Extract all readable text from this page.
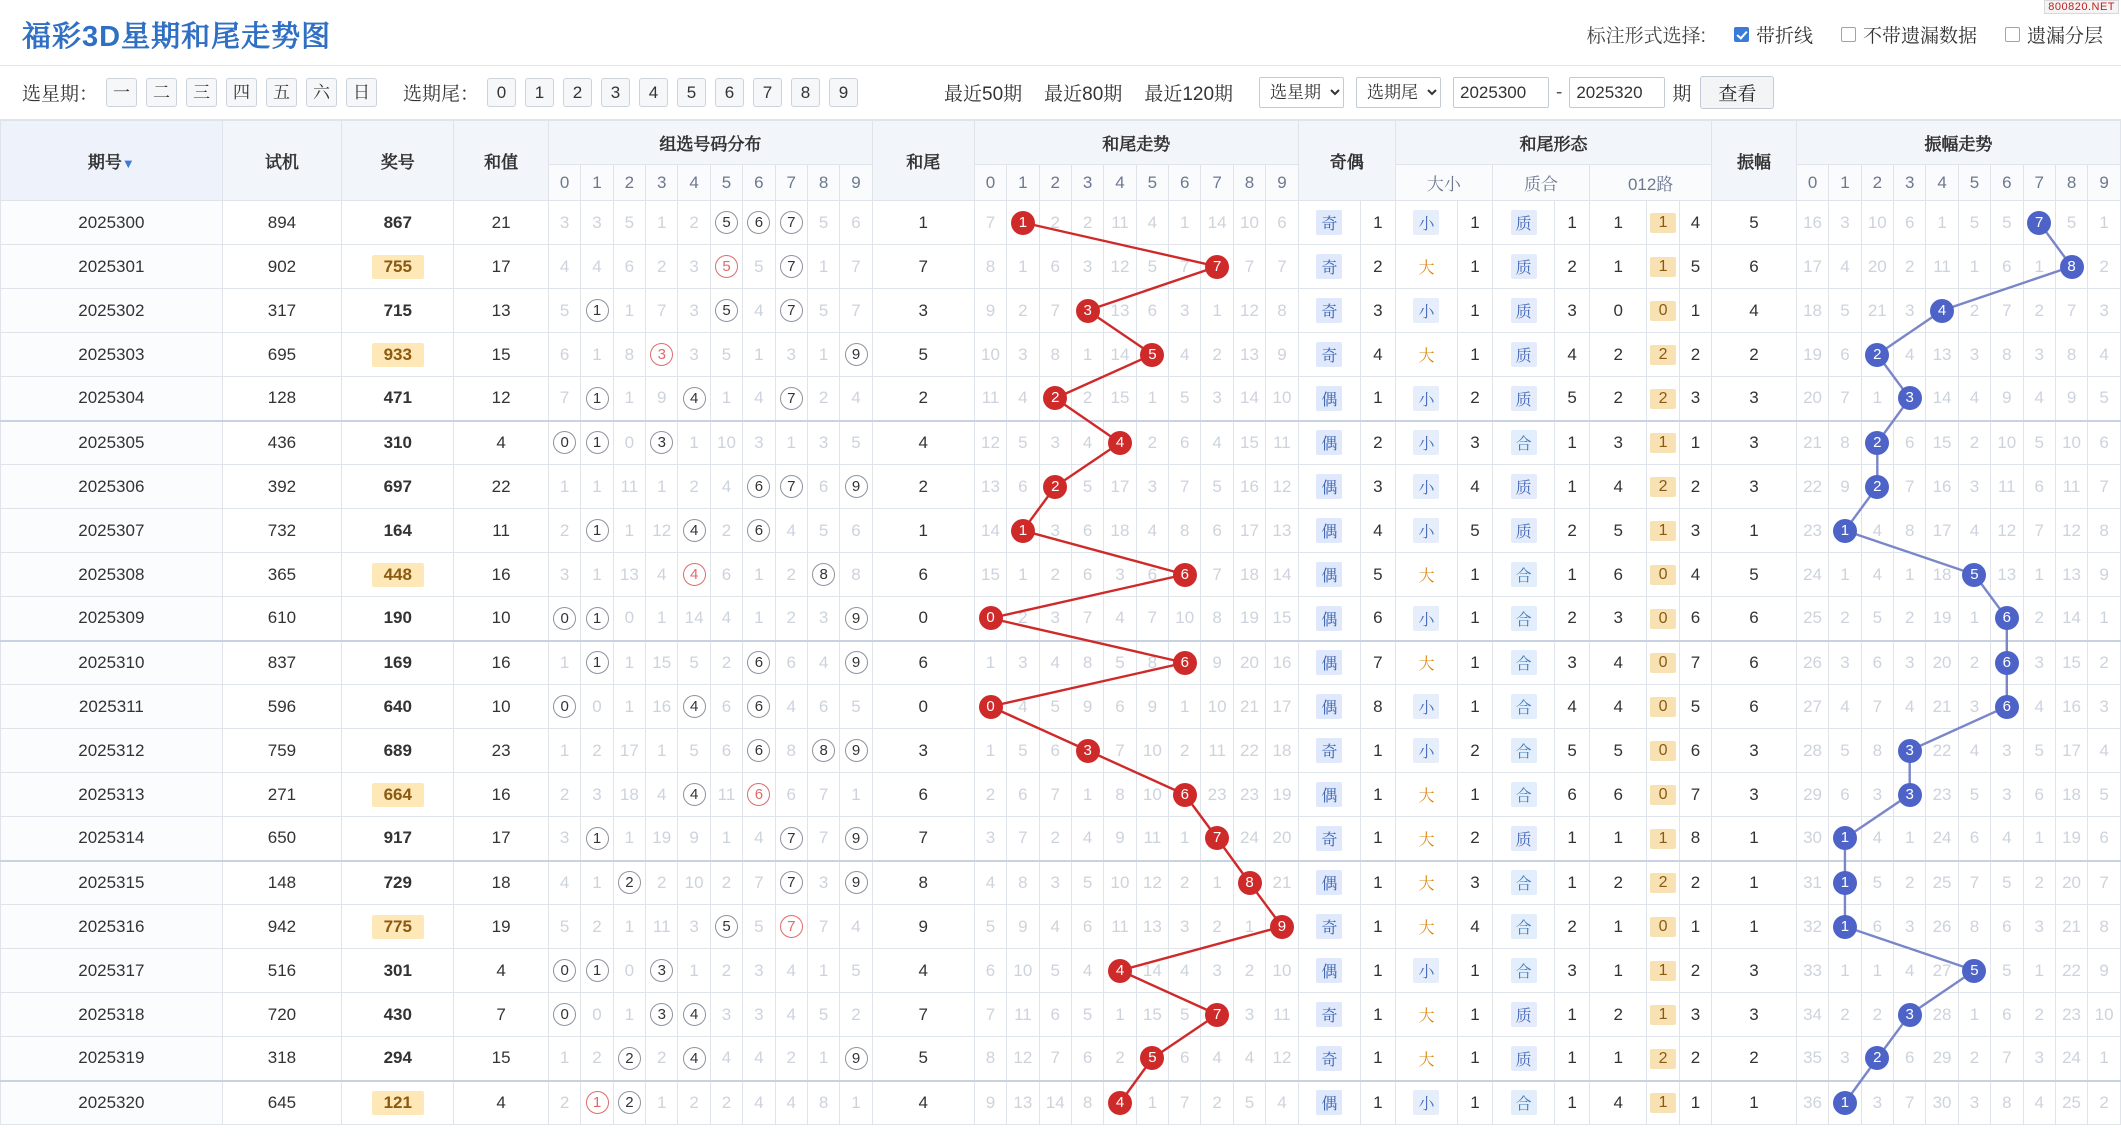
800820.NET
福彩3D星期和尾走势图	标注形式选择:	带折线	不带遗漏数据	遗漏分层
选星期： 一	二	三	四	五	六	日	选期尾：	0	1	2	3	4	5	6	7	8	9	最近50期 最近80期 最近120期
选星期
选期尾
2025300	-
2025320	期	查看
期号▼	试机	奖号	和值	组选号码分布										和尾	和尾走势										奇偶		和尾形态							振幅	振幅走势									
				0	1	2	3	4	5	6	7	8	9		0	1	2	3	4	5	6	7	8	9			大小		质合		012路				0	1	2	3	4	5	6	7	8	9
2025300	894	867	21	3	3	5	1	2	5	6	7	5	6	1	7	1	2	2	11	4	1	14	10	6	奇	1	小	1	质	1	1	1	4	5	16	3	10	6	1	5	5	7	5	1
2025301	902	755	17	4	4	6	2	3	5	5	7	1	7	7	8	1	6	3	12	5	7	7	7	7	奇	2	大	1	质	2	1	1	5	6	17	4	20	2	11	1	6	1	8	2
2025302	317	715	13	5	1	1	7	3	5	4	7	5	7	3	9	2	7	3	13	6	3	1	12	8	奇	3	小	1	质	3	0	0	1	4	18	5	21	3	4	2	7	2	7	3
2025303	695	933	15	6	1	8	3	3	5	1	3	1	9	5	10	3	8	1	14	5	4	2	13	9	奇	4	大	1	质	4	2	2	2	2	19	6	2	4	13	3	8	3	8	4
2025304	128	471	12	7	1	1	9	4	1	4	7	2	4	2	11	4	2	2	15	1	5	3	14	10	偶	1	小	2	质	5	2	2	3	3	20	7	1	3	14	4	9	4	9	5
2025305	436	310	4	0	1	0	3	1	10	3	1	3	5	4	12	5	3	4	4	2	6	4	15	11	偶	2	小	3	合	1	3	1	1	3	21	8	2	6	15	2	10	5	10	6
2025306	392	697	22	1	1	11	1	2	4	6	7	6	9	2	13	6	2	5	17	3	7	5	16	12	偶	3	小	4	质	1	4	2	2	3	22	9	2	7	16	3	11	6	11	7
2025307	732	164	11	2	1	1	12	4	2	6	4	5	6	1	14	1	3	6	18	4	8	6	17	13	偶	4	小	5	质	2	5	1	3	1	23	1	4	8	17	4	12	7	12	8
2025308	365	448	16	3	1	13	4	4	6	1	2	8	8	6	15	1	2	6	3	6	6	7	18	14	偶	5	大	1	合	1	6	0	4	5	24	1	4	1	18	5	13	1	13	9
2025309	610	190	10	0	1	0	1	14	4	1	2	3	9	0	0	2	3	7	4	7	10	8	19	15	偶	6	小	1	合	2	3	0	6	6	25	2	5	2	19	1	6	2	14	1
2025310	837	169	16	1	1	1	15	5	2	6	6	4	9	6	1	3	4	8	5	8	6	9	20	16	偶	7	大	1	合	3	4	0	7	6	26	3	6	3	20	2	6	3	15	2
2025311	596	640	10	0	0	1	16	4	6	6	4	6	5	0	0	4	5	9	6	9	1	10	21	17	偶	8	小	1	合	4	4	0	5	6	27	4	7	4	21	3	6	4	16	3
2025312	759	689	23	1	2	17	1	5	6	6	8	8	9	3	1	5	6	3	7	10	2	11	22	18	奇	1	小	2	合	5	5	0	6	3	28	5	8	3	22	4	3	5	17	4
2025313	271	664	16	2	3	18	4	4	11	6	6	7	1	6	2	6	7	1	8	10	6	23	23	19	偶	1	大	1	合	6	6	0	7	3	29	6	3	3	23	5	3	6	18	5
2025314	650	917	17	3	1	1	19	9	1	4	7	7	9	7	3	7	2	4	9	11	1	7	24	20	奇	1	大	2	质	1	1	1	8	1	30	1	4	1	24	6	4	1	19	6
2025315	148	729	18	4	1	2	2	10	2	7	7	3	9	8	4	8	3	5	10	12	2	1	8	21	偶	1	大	3	合	1	2	2	2	1	31	1	5	2	25	7	5	2	20	7
2025316	942	775	19	5	2	1	11	3	5	5	7	7	4	9	5	9	4	6	11	13	3	2	1	9	奇	1	大	4	合	2	1	0	1	1	32	1	6	3	26	8	6	3	21	8
2025317	516	301	4	0	1	0	3	1	2	3	4	1	5	4	6	10	5	4	4	14	4	3	2	10	偶	1	小	1	合	3	1	1	2	3	33	1	1	4	27	5	5	1	22	9
2025318	720	430	7	0	0	1	3	4	3	3	4	5	2	7	7	11	6	5	1	15	5	7	3	11	奇	1	大	1	质	1	2	1	3	3	34	2	2	3	28	1	6	2	23	10
2025319	318	294	15	1	2	2	2	4	4	4	2	1	9	5	8	12	7	6	2	5	6	4	4	12	奇	1	大	1	质	1	1	2	2	2	35	3	2	6	29	2	7	3	24	1
2025320	645	121	4	2	1	2	1	2	2	4	4	8	1	4	9	13	14	8	4	1	7	2	5	4	偶	1	小	1	合	1	4	1	1	1	36	1	3	7	30	3	8	4	25	2
